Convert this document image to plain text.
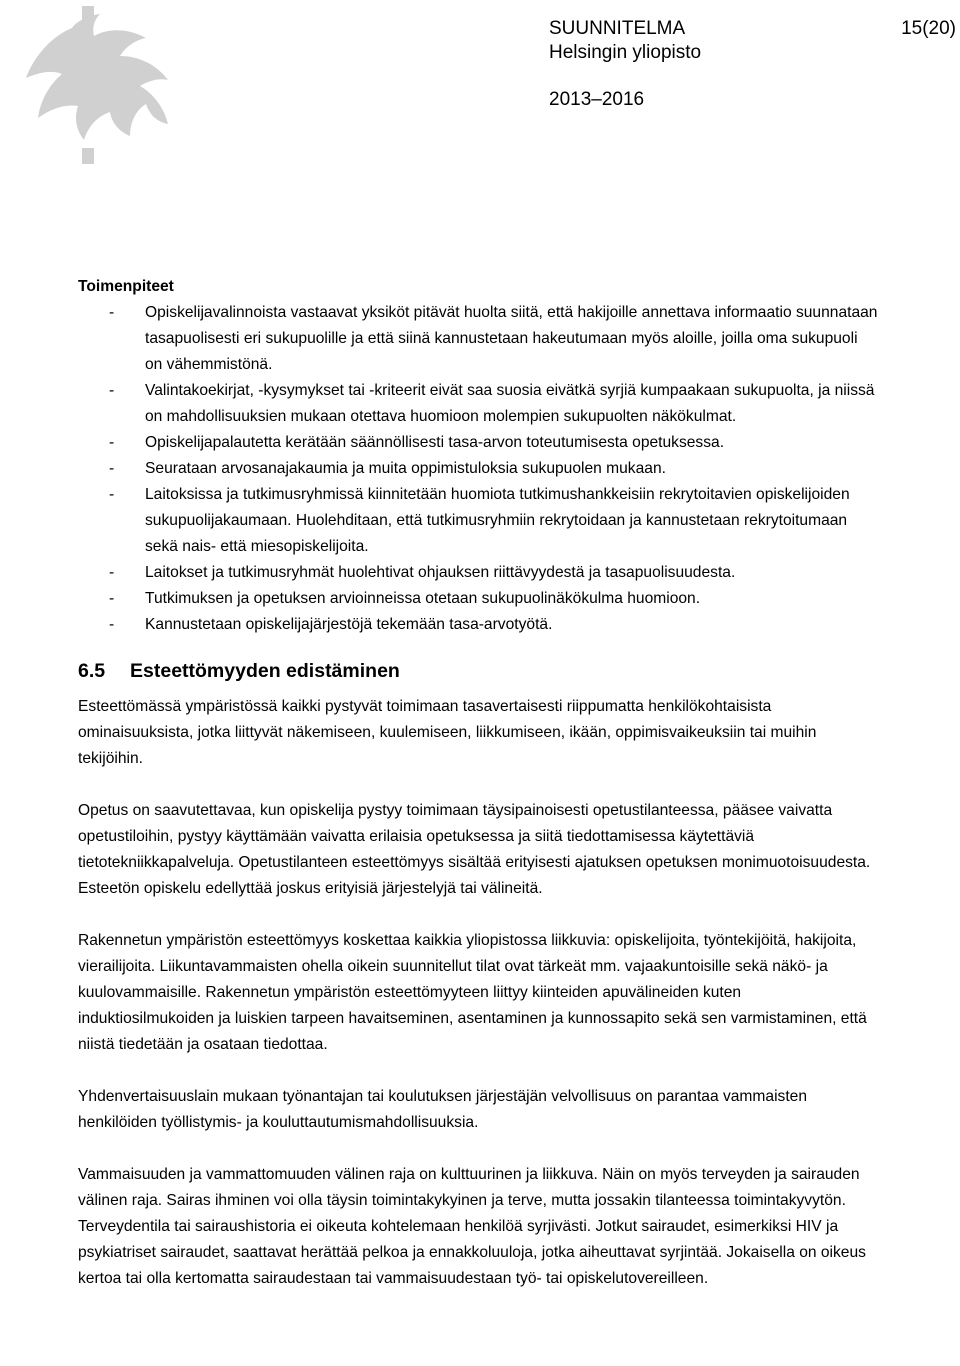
SUUNNITELMA
Helsingin yliopisto
2013–2016
15(20)
Toimenpiteet
- Opiskelijavalinnoista vastaavat yksiköt pitävät huolta siitä, että hakijoille annettava informaatio suunnataan tasapuolisesti eri sukupuolille ja että siinä kannustetaan hakeutumaan myös aloille, joilla oma sukupuoli on vähemmistönä.
- Valintakoekirjat, -kysymykset tai -kriteerit eivät saa suosia eivätkä syrjiä kumpaakaan sukupuolta, ja niissä on mahdollisuuksien mukaan otettava huomioon molempien sukupuolten näkökulmat.
- Opiskelijapalautetta kerätään säännöllisesti tasa-arvon toteutumisesta opetuksessa.
- Seurataan arvosanajakaumia ja muita oppimistuloksia sukupuolen mukaan.
- Laitoksissa ja tutkimusryhmissä kiinnitetään huomiota tutkimushankkeisiin rekrytoitavien opiskelijoiden sukupuolijakaumaan. Huolehditaan, että tutkimusryhmiin rekrytoidaan ja kannustetaan rekrytoitumaan sekä nais- että miesopiskelijoita.
- Laitokset ja tutkimusryhmät huolehtivat ohjauksen riittävyydestä ja tasapuolisuudesta.
- Tutkimuksen ja opetuksen arvioinneissa otetaan sukupuolinäkökulma huomioon.
- Kannustetaan opiskelijajärjestöjä tekemään tasa-arvotyötä.
6.5 Esteettömyyden edistäminen

Esteettömässä ympäristössä kaikki pystyvät toimimaan tasavertaisesti riippumatta henkilökohtaisista ominaisuuksista, jotka liittyvät näkemiseen, kuulemiseen, liikkumiseen, ikään, oppimisvaikeuksiin tai muihin tekijöihin.

Opetus on saavutettavaa, kun opiskelija pystyy toimimaan täysipainoisesti opetustilanteessa, pääsee vaivatta opetustiloihin, pystyy käyttämään vaivatta erilaisia opetuksessa ja siitä tiedottamisessa käytettäviä tietotekniikkapalveluja. Opetustilanteen esteettömyys sisältää erityisesti ajatuksen opetuksen monimuotoisuudesta. Esteetön opiskelu edellyttää joskus erityisiä järjestelyjä tai välineitä.

Rakennetun ympäristön esteettömyys koskettaa kaikkia yliopistossa liikkuvia: opiskelijoita, työntekijöitä, hakijoita, vierailijoita. Liikuntavammaisten ohella oikein suunnitellut tilat ovat tärkeät mm. vajaakuntoisille sekä näkö- ja kuulovammaisille. Rakennetun ympäristön esteettömyyteen liittyy kiinteiden apuvälineiden kuten induktiosilmukoiden ja luiskien tarpeen havaitseminen, asentaminen ja kunnossapito sekä sen varmistaminen, että niistä tiedetään ja osataan tiedottaa.

Yhdenvertaisuuslain mukaan työnantajan tai koulutuksen järjestäjän velvollisuus on parantaa vammaisten henkilöiden työllistymis- ja kouluttautumismahdollisuuksia.

Vammaisuuden ja vammattomuuden välinen raja on kulttuurinen ja liikkuva. Näin on myös terveyden ja sairauden välinen raja. Sairas ihminen voi olla täysin toimintakykyinen ja terve, mutta jossakin tilanteessa toimintakyvytön. Terveydentila tai sairaushistoria ei oikeuta kohtelemaan henkilöä syrjivästi. Jotkut sairaudet, esimerkiksi HIV ja psykiatriset sairaudet, saattavat herättää pelkoa ja ennakkoluuloja, jotka aiheuttavat syrjintää. Jokaisella on oikeus kertoa tai olla kertomatta sairaudestaan tai vammaisuudestaan työ- tai opiskelutovereilleen.
